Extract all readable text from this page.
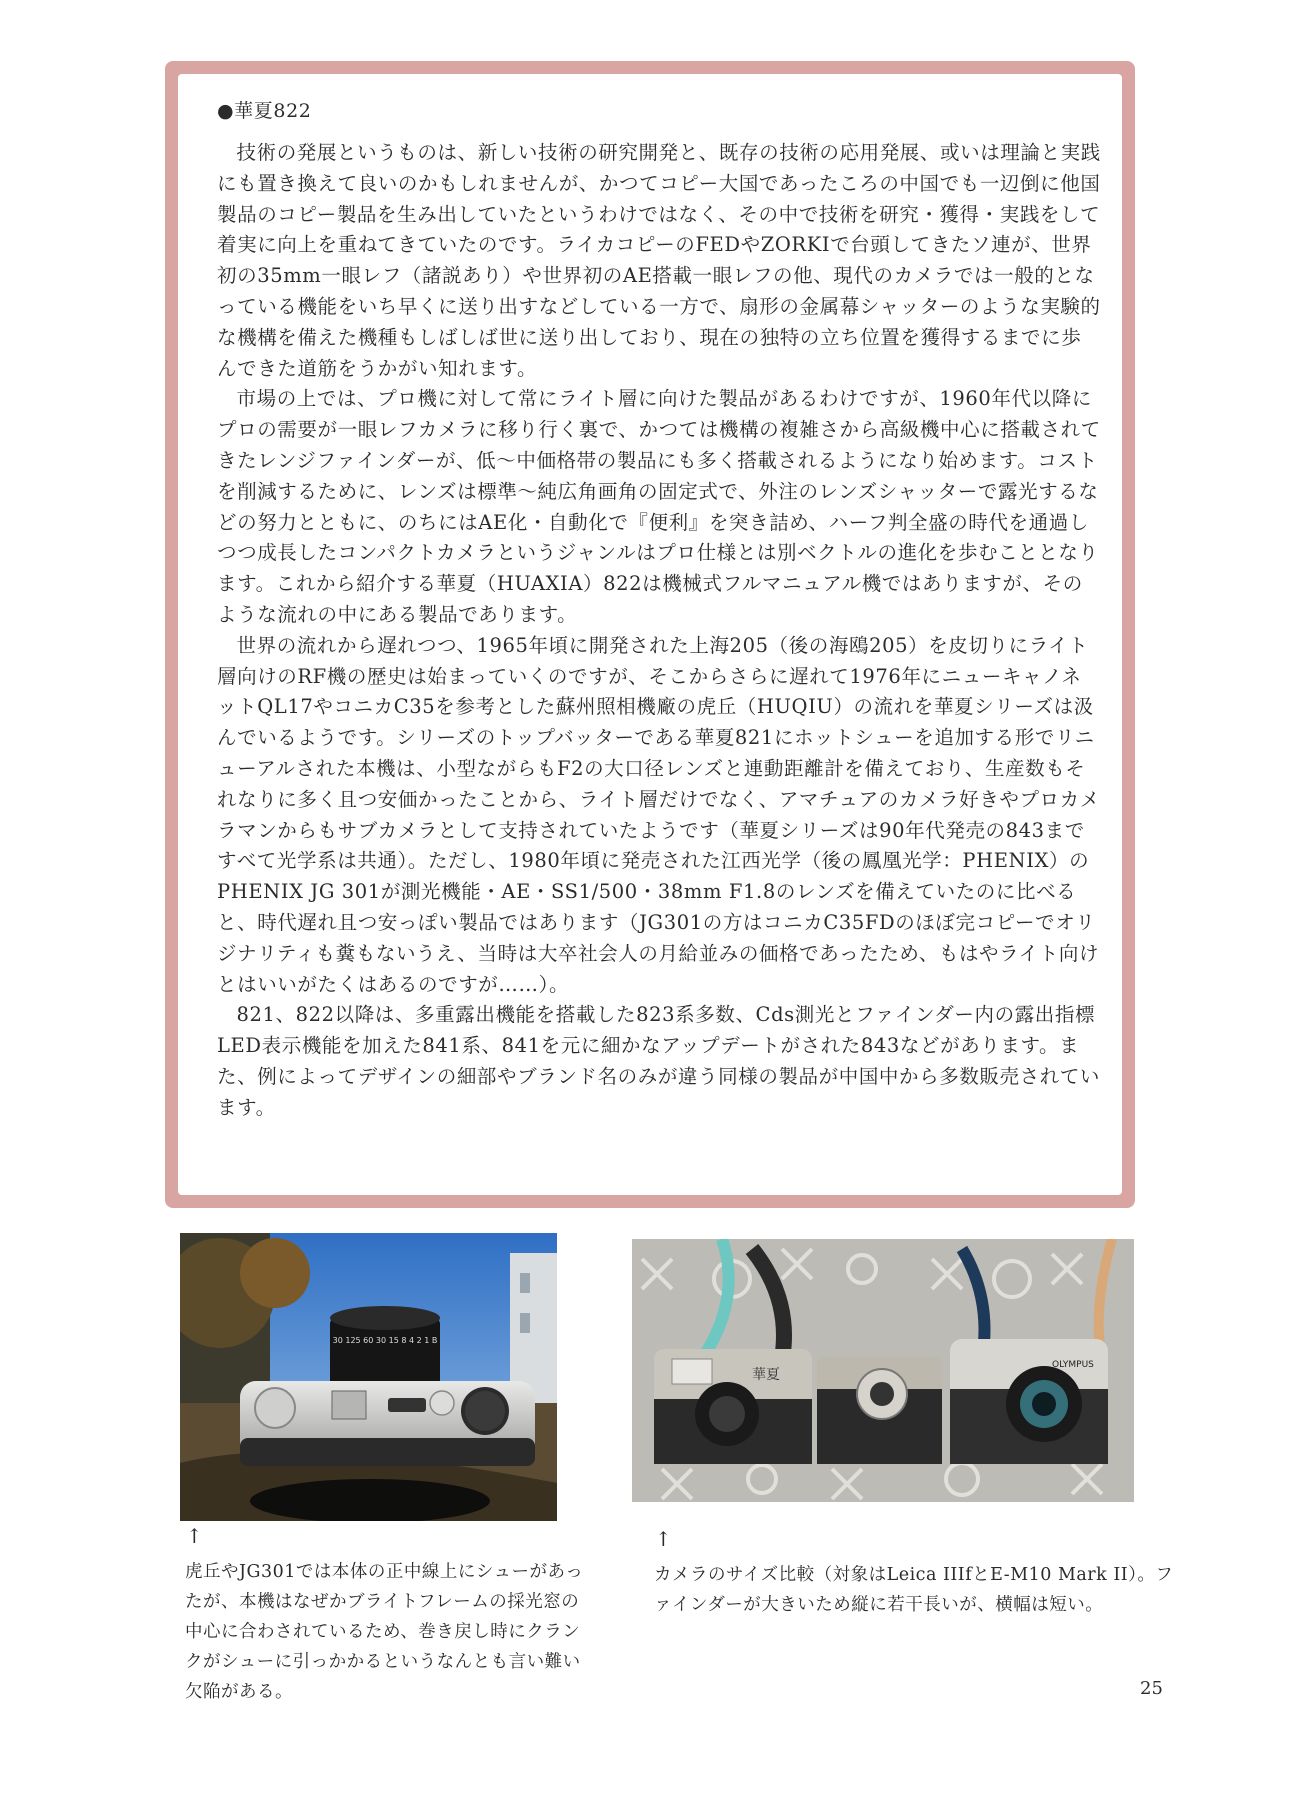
●華夏822

技術の発展というものは、新しい技術の研究開発と、既存の技術の応用発展、或いは理論と実践にも置き換えて良いのかもしれませんが、かつてコピー大国であったころの中国でも一辺倒に他国製品のコピー製品を生み出していたというわけではなく、その中で技術を研究・獲得・実践をして着実に向上を重ねてきていたのです。ライカコピーのFEDやZORKIで台頭してきたソ連が、世界初の35mm一眼レフ（諸説あり）や世界初のAE搭載一眼レフの他、現代のカメラでは一般的となっている機能をいち早くに送り出すなどしている一方で、扇形の金属幕シャッターのような実験的な機構を備えた機種もしばしば世に送り出しており、現在の独特の立ち位置を獲得するまでに歩んできた道筋をうかがい知れます。

市場の上では、プロ機に対して常にライト層に向けた製品があるわけですが、1960年代以降にプロの需要が一眼レフカメラに移り行く裏で、かつては機構の複雑さから高級機中心に搭載されてきたレンジファインダーが、低〜中価格帯の製品にも多く搭載されるようになり始めます。コストを削減するために、レンズは標準〜純広角画角の固定式で、外注のレンズシャッターで露光するなどの努力とともに、のちにはAE化・自動化で『便利』を突き詰め、ハーフ判全盛の時代を通過しつつ成長したコンパクトカメラというジャンルはプロ仕様とは別ベクトルの進化を歩むこととなります。これから紹介する華夏（HUAXIA）822は機械式フルマニュアル機ではありますが、そのような流れの中にある製品であります。

世界の流れから遅れつつ、1965年頃に開発された上海205（後の海鴎205）を皮切りにライト層向けのRF機の歴史は始まっていくのですが、そこからさらに遅れて1976年にニューキャノネットQL17やコニカC35を参考とした蘇州照相機廠の虎丘（HUQIU）の流れを華夏シリーズは汲んでいるようです。シリーズのトップバッターである華夏821にホットシューを追加する形でリニューアルされた本機は、小型ながらもF2の大口径レンズと連動距離計を備えており、生産数もそれなりに多く且つ安価かったことから、ライト層だけでなく、アマチュアのカメラ好きやプロカメラマンからもサブカメラとして支持されていたようです（華夏シリーズは90年代発売の843まですべて光学系は共通）。ただし、1980年頃に発売された江西光学（後の鳳凰光学：PHENIX）のPHENIX JG 301が測光機能・AE・SS1/500・38mm F1.8のレンズを備えていたのに比べると、時代遅れ且つ安っぽい製品ではあります（JG301の方はコニカC35FDのほぼ完コピーでオリジナリティも糞もないうえ、当時は大卒社会人の月給並みの価格であったため、もはやライト向けとはいいがたくはあるのですが……）。

821、822以降は、多重露出機能を搭載した823系多数、Cds測光とファインダー内の露出指標LED表示機能を加えた841系、841を元に細かなアップデートがされた843などがあります。また、例によってデザインの細部やブランド名のみが違う同様の製品が中国中から多数販売されています。

30 125 60 30 15 8 4 2 1 B
華夏
OLYMPUS
↑
虎丘やJG301では本体の正中線上にシューがあったが、本機はなぜかブライトフレームの採光窓の中心に合わされているため、巻き戻し時にクランクがシューに引っかかるというなんとも言い難い欠陥がある。
↑
カメラのサイズ比較（対象はLeica IIIfとE-M10 Mark II）。ファインダーが大きいため縦に若干長いが、横幅は短い。
25
